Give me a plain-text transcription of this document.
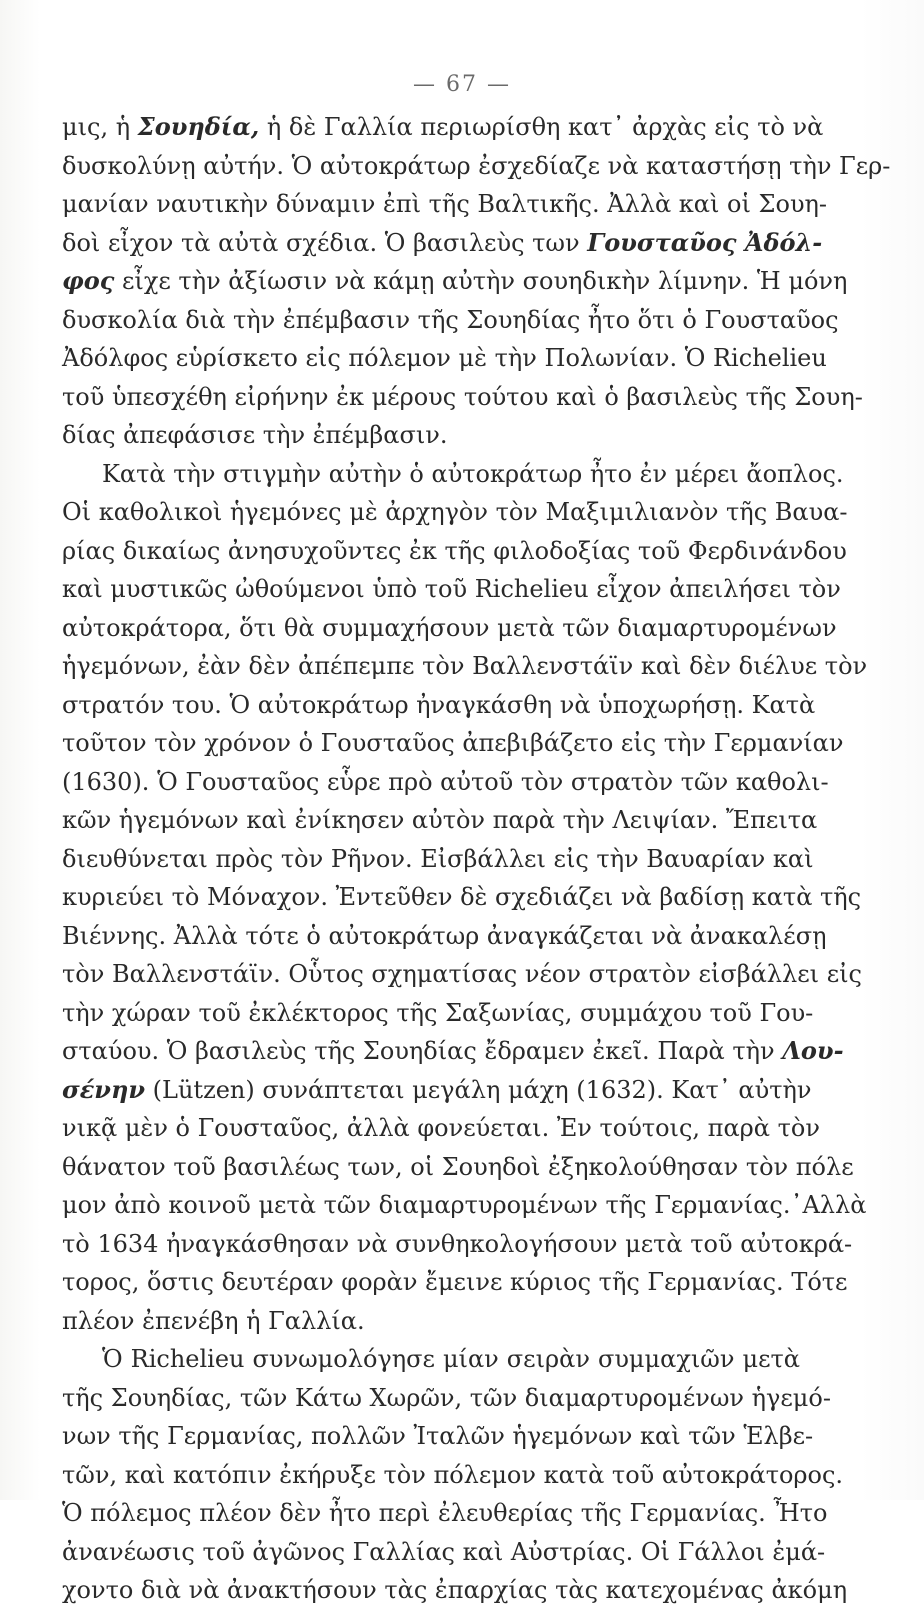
— 67 —
μις, ἡ Σουηδία, ἡ δὲ Γαλλία περιωρίσθη κατ᾽ ἀρχὰς εἰς τὸ νὰ
δυσκολύνῃ αὐτήν. Ὁ αὐτοκράτωρ ἐσχεδίαζε νὰ καταστήσῃ τὴν Γερ-
μανίαν ναυτικὴν δύναμιν ἐπὶ τῆς Βαλτικῆς. Ἀλλὰ καὶ οἱ Σουη-
δοὶ εἶχον τὰ αὐτὰ σχέδια. Ὁ βασιλεὺς των Γουσταῦος Ἀδόλ-
φος εἶχε τὴν ἀξίωσιν νὰ κάμῃ αὐτὴν σουηδικὴν λίμνην. Ἡ μόνη
δυσκολία διὰ τὴν ἐπέμβασιν τῆς Σουηδίας ἦτο ὅτι ὁ Γουσταῦος
Ἀδόλφος εὑρίσκετο εἰς πόλεμον μὲ τὴν Πολωνίαν. Ὁ Richelieu
τοῦ ὑπεσχέθη εἰρήνην ἐκ μέρους τούτου καὶ ὁ βασιλεὺς τῆς Σουη-
δίας ἀπεφάσισε τὴν ἐπέμβασιν.
Κατὰ τὴν στιγμὴν αὐτὴν ὁ αὐτοκράτωρ ἦτο ἐν μέρει ἄοπλος.
Οἱ καθολικοὶ ἡγεμόνες μὲ ἀρχηγὸν τὸν Μαξιμιλιανὸν τῆς Βαυα-
ρίας δικαίως ἀνησυχοῦντες ἐκ τῆς φιλοδοξίας τοῦ Φερδινάνδου
καὶ μυστικῶς ὠθούμενοι ὑπὸ τοῦ Richelieu εἶχον ἀπειλήσει τὸν
αὐτοκράτορα, ὅτι θὰ συμμαχήσουν μετὰ τῶν διαμαρτυρομένων
ἡγεμόνων, ἐὰν δὲν ἀπέπεμπε τὸν Βαλλενστάϊν καὶ δὲν διέλυε τὸν
στρατόν του. Ὁ αὐτοκράτωρ ἠναγκάσθη νὰ ὑποχωρήσῃ. Κατὰ
τοῦτον τὸν χρόνον ὁ Γουσταῦος ἀπεβιβάζετο εἰς τὴν Γερμανίαν
(1630). Ὁ Γουσταῦος εὗρε πρὸ αὐτοῦ τὸν στρατὸν τῶν καθολι-
κῶν ἡγεμόνων καὶ ἐνίκησεν αὐτὸν παρὰ τὴν Λειψίαν. Ἔπειτα
διευθύνεται πρὸς τὸν Ρῆνον. Εἰσβάλλει εἰς τὴν Βαυαρίαν καὶ
κυριεύει τὸ Μόναχον. Ἐντεῦθεν δὲ σχεδιάζει νὰ βαδίσῃ κατὰ τῆς
Βιέννης. Ἀλλὰ τότε ὁ αὐτοκράτωρ ἀναγκάζεται νὰ ἀνακαλέσῃ
τὸν Βαλλενστάϊν. Οὗτος σχηματίσας νέον στρατὸν εἰσβάλλει εἰς
τὴν χώραν τοῦ ἐκλέκτορος τῆς Σαξωνίας, συμμάχου τοῦ Γου-
σταύου. Ὁ βασιλεὺς τῆς Σουηδίας ἔδραμεν ἐκεῖ. Παρὰ τὴν Λου-
σένην (Lützen) συνάπτεται μεγάλη μάχη (1632). Κατ᾽ αὐτὴν
νικᾷ μὲν ὁ Γουσταῦος, ἀλλὰ φονεύεται. Ἐν τούτοις, παρὰ τὸν
θάνατον τοῦ βασιλέως των, οἱ Σουηδοὶ ἐξηκολούθησαν τὸν πόλε
μον ἀπὸ κοινοῦ μετὰ τῶν διαμαρτυρομένων τῆς Γερμανίας.᾽Αλλὰ
τὸ 1634 ἠναγκάσθησαν νὰ συνθηκολογήσουν μετὰ τοῦ αὐτοκρά-
τορος, ὅστις δευτέραν φορὰν ἔμεινε κύριος τῆς Γερμανίας. Τότε
πλέον ἐπενέβη ἡ Γαλλία.
Ὁ Richelieu συνωμολόγησε μίαν σειρὰν συμμαχιῶν μετὰ
τῆς Σουηδίας, τῶν Κάτω Χωρῶν, τῶν διαμαρτυρομένων ἡγεμό-
νων τῆς Γερμανίας, πολλῶν Ἰταλῶν ἡγεμόνων καὶ τῶν Ἑλβε-
τῶν, καὶ κατόπιν ἐκήρυξε τὸν πόλεμον κατὰ τοῦ αὐτοκράτορος.
Ὁ πόλεμος πλέον δὲν ἦτο περὶ ἐλευθερίας τῆς Γερμανίας. Ἦτο
ἀνανέωσις τοῦ ἀγῶνος Γαλλίας καὶ Αὐστρίας. Οἱ Γάλλοι ἐμά-
χοντο διὰ νὰ ἀνακτήσουν τὰς ἐπαρχίας τὰς κατεχομένας ἀκόμη
